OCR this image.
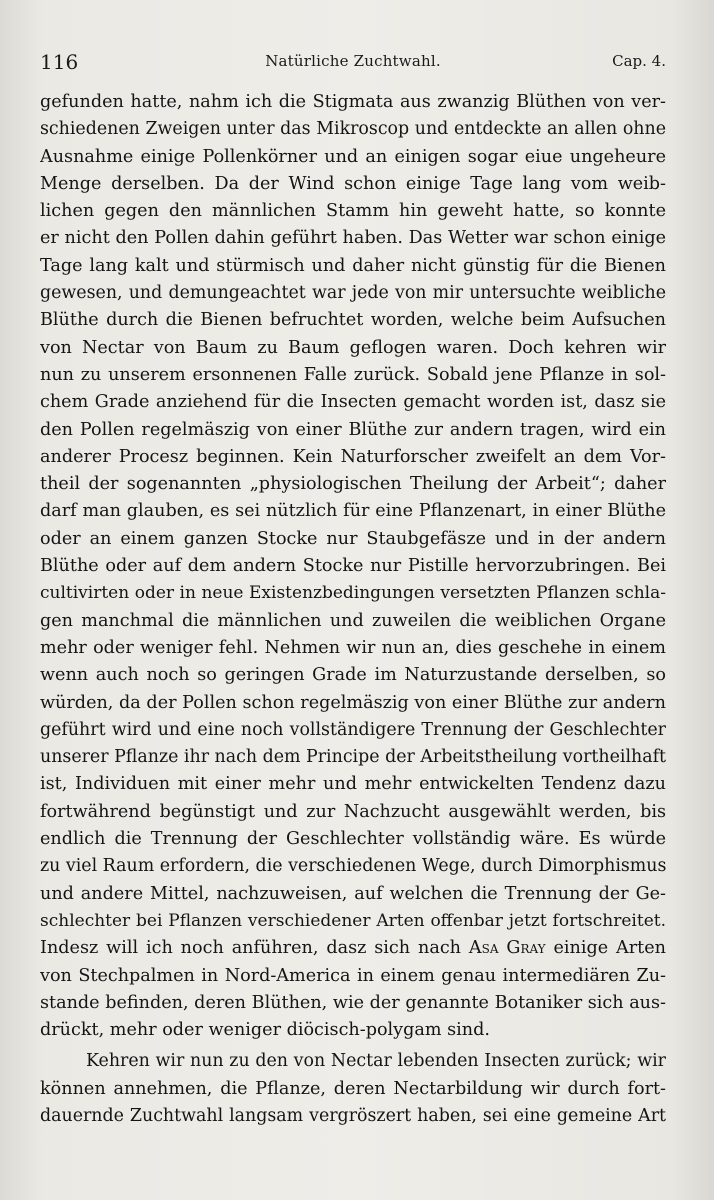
116	Natürliche Zuchtwahl.	Cap. 4.
gefunden hatte, nahm ich die Stigmata aus zwanzig Blüthen von ver-
schiedenen Zweigen unter das Mikroscop und entdeckte an allen ohne
Ausnahme einige Pollenkörner und an einigen sogar eiue ungeheure
Menge derselben. Da der Wind schon einige Tage lang vom weib-
lichen gegen den männlichen Stamm hin geweht hatte, so konnte
er nicht den Pollen dahin geführt haben. Das Wetter war schon einige
Tage lang kalt und stürmisch und daher nicht günstig für die Bienen
gewesen, und demungeachtet war jede von mir untersuchte weibliche
Blüthe durch die Bienen befruchtet worden, welche beim Aufsuchen
von Nectar von Baum zu Baum geflogen waren. Doch kehren wir
nun zu unserem ersonnenen Falle zurück. Sobald jene Pflanze in sol-
chem Grade anziehend für die Insecten gemacht worden ist, dasz sie
den Pollen regelmäszig von einer Blüthe zur andern tragen, wird ein
anderer Procesz beginnen. Kein Naturforscher zweifelt an dem Vor-
theil der sogenannten „physiologischen Theilung der Arbeit“; daher
darf man glauben, es sei nützlich für eine Pflanzenart, in einer Blüthe
oder an einem ganzen Stocke nur Staubgefäsze und in der andern
Blüthe oder auf dem andern Stocke nur Pistille hervorzubringen. Bei
cultivirten oder in neue Existenzbedingungen versetzten Pflanzen schla-
gen manchmal die männlichen und zuweilen die weiblichen Organe
mehr oder weniger fehl. Nehmen wir nun an, dies geschehe in einem
wenn auch noch so geringen Grade im Naturzustande derselben, so
würden, da der Pollen schon regelmäszig von einer Blüthe zur andern
geführt wird und eine noch vollständigere Trennung der Geschlechter
unserer Pflanze ihr nach dem Principe der Arbeitstheilung vortheilhaft
ist, Individuen mit einer mehr und mehr entwickelten Tendenz dazu
fortwährend begünstigt und zur Nachzucht ausgewählt werden, bis
endlich die Trennung der Geschlechter vollständig wäre. Es würde
zu viel Raum erfordern, die verschiedenen Wege, durch Dimorphismus
und andere Mittel, nachzuweisen, auf welchen die Trennung der Ge-
schlechter bei Pflanzen verschiedener Arten offenbar jetzt fortschreitet.
Indesz will ich noch anführen, dasz sich nach Asa Gray einige Arten
von Stechpalmen in Nord-America in einem genau intermediären Zu-
stande befinden, deren Blüthen, wie der genannte Botaniker sich aus-
drückt, mehr oder weniger diöcisch-polygam sind.
Kehren wir nun zu den von Nectar lebenden Insecten zurück; wir
können annehmen, die Pflanze, deren Nectarbildung wir durch fort-
dauernde Zuchtwahl langsam vergröszert haben, sei eine gemeine Art
